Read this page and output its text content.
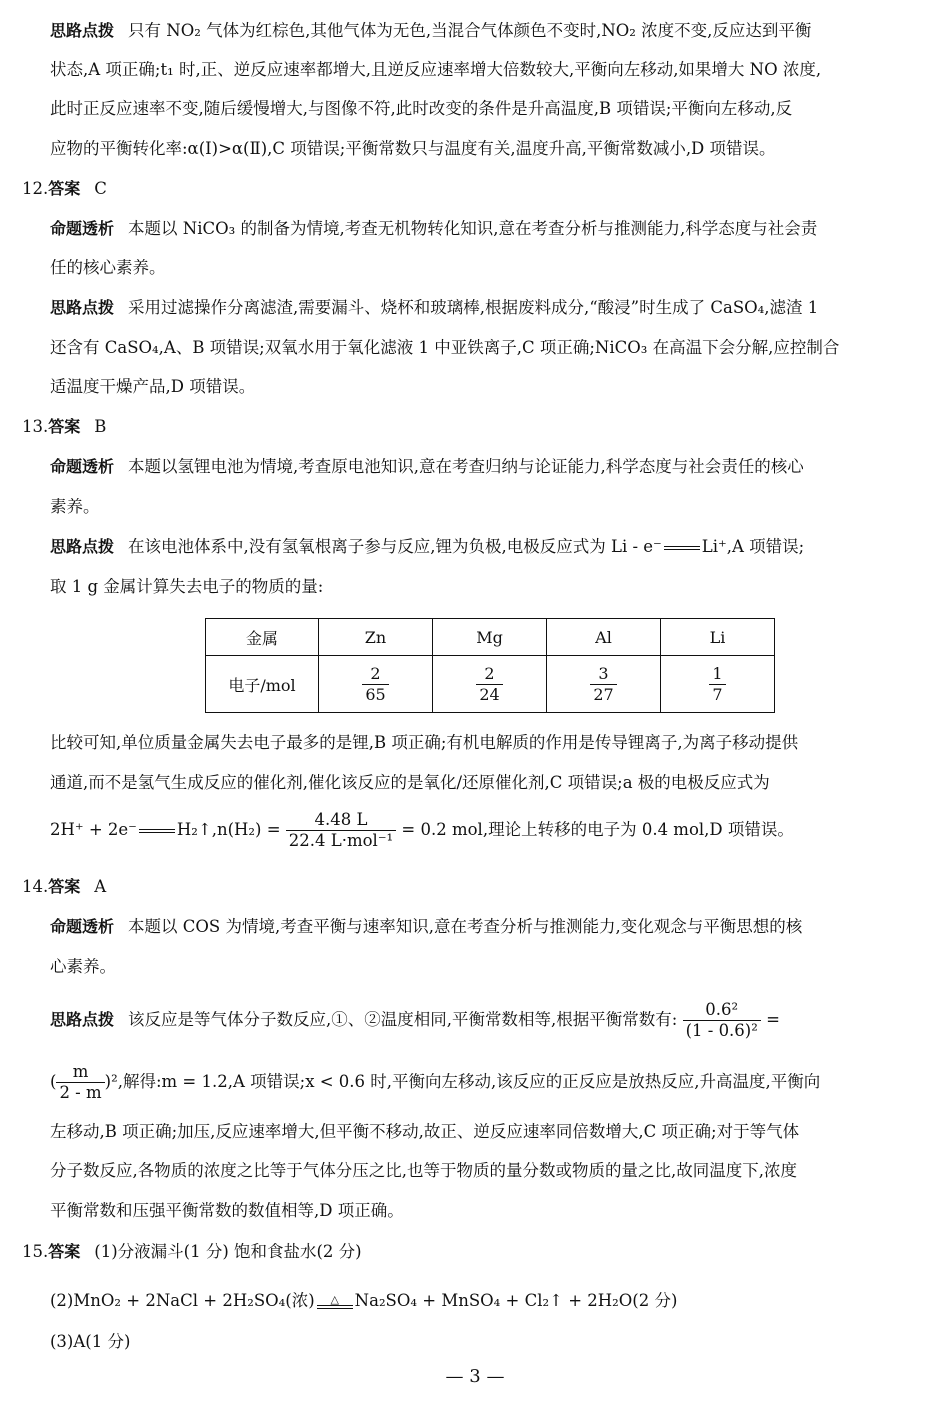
思路点拨 只有 NO₂ 气体为红棕色,其他气体为无色,当混合气体颜色不变时,NO₂ 浓度不变,反应达到平衡
状态,A 项正确;t₁ 时,正、逆反应速率都增大,且逆反应速率增大倍数较大,平衡向左移动,如果增大 NO 浓度,
此时正反应速率不变,随后缓慢增大,与图像不符,此时改变的条件是升高温度,B 项错误;平衡向左移动,反
应物的平衡转化率:α(Ⅰ)>α(Ⅱ),C 项错误;平衡常数只与温度有关,温度升高,平衡常数减小,D 项错误。
12.答案 C
命题透析 本题以 NiCO₃ 的制备为情境,考查无机物转化知识,意在考查分析与推测能力,科学态度与社会责
任的核心素养。
思路点拨 采用过滤操作分离滤渣,需要漏斗、烧杯和玻璃棒,根据废料成分,“酸浸”时生成了 CaSO₄,滤渣 1
还含有 CaSO₄,A、B 项错误;双氧水用于氧化滤液 1 中亚铁离子,C 项正确;NiCO₃ 在高温下会分解,应控制合
适温度干燥产品,D 项错误。
13.答案 B
命题透析 本题以氢锂电池为情境,考查原电池知识,意在考查归纳与论证能力,科学态度与社会责任的核心
素养。
思路点拨 在该电池体系中,没有氢氧根离子参与反应,锂为负极,电极反应式为 Li - e⁻ Li⁺,A 项错误;
取 1 g 金属计算失去电子的物质的量:
金属	Zn	Mg	Al	Li
电子/mol	$\frac{2}{65}$	$\frac{2}{24}$	$\frac{3}{27}$	$\frac{1}{7}$
比较可知,单位质量金属失去电子最多的是锂,B 项正确;有机电解质的作用是传导锂离子,为离子移动提供
通道,而不是氢气生成反应的催化剂,催化该反应的是氧化/还原催化剂,C 项错误;a 极的电极反应式为
2H⁺ + 2e⁻ H₂↑,n(H₂) = $\frac{4.48 L}{\text{22.4 L·mol⁻¹}} = 0.2$ mol,理论上转移的电子为 0.4 mol,D 项错误。
14.答案 A
命题透析 本题以 COS 为情境,考查平衡与速率知识,意在考查分析与推测能力,变化观念与平衡思想的核
心素养。
思路点拨 该反应是等气体分子数反应,①、②温度相同,平衡常数相等,根据平衡常数有: $\frac{\text{0.6²}}{\text{(1 - 0.6)²}}$ =
( $\frac{m}{2 - m} )^2$,解得:m = 1.2,A 项错误;x < 0.6 时,平衡向左移动,该反应的正反应是放热反应,升高温度,平衡向
左移动,B 项正确;加压,反应速率增大,但平衡不移动,故正、逆反应速率同倍数增大,C 项正确;对于等气体
分子数反应,各物质的浓度之比等于气体分压之比,也等于物质的量分数或物质的量之比,故同温度下,浓度
平衡常数和压强平衡常数的数值相等,D 项正确。
15.答案 (1)分液漏斗(1 分) 饱和食盐水(2 分)
(2)MnO₂ + 2NaCl + 2H₂SO₄(浓)	△ Na₂SO₄ + MnSO₄ + Cl₂↑ + 2H₂O(2 分)
(3)A(1 分)
— 3 —
